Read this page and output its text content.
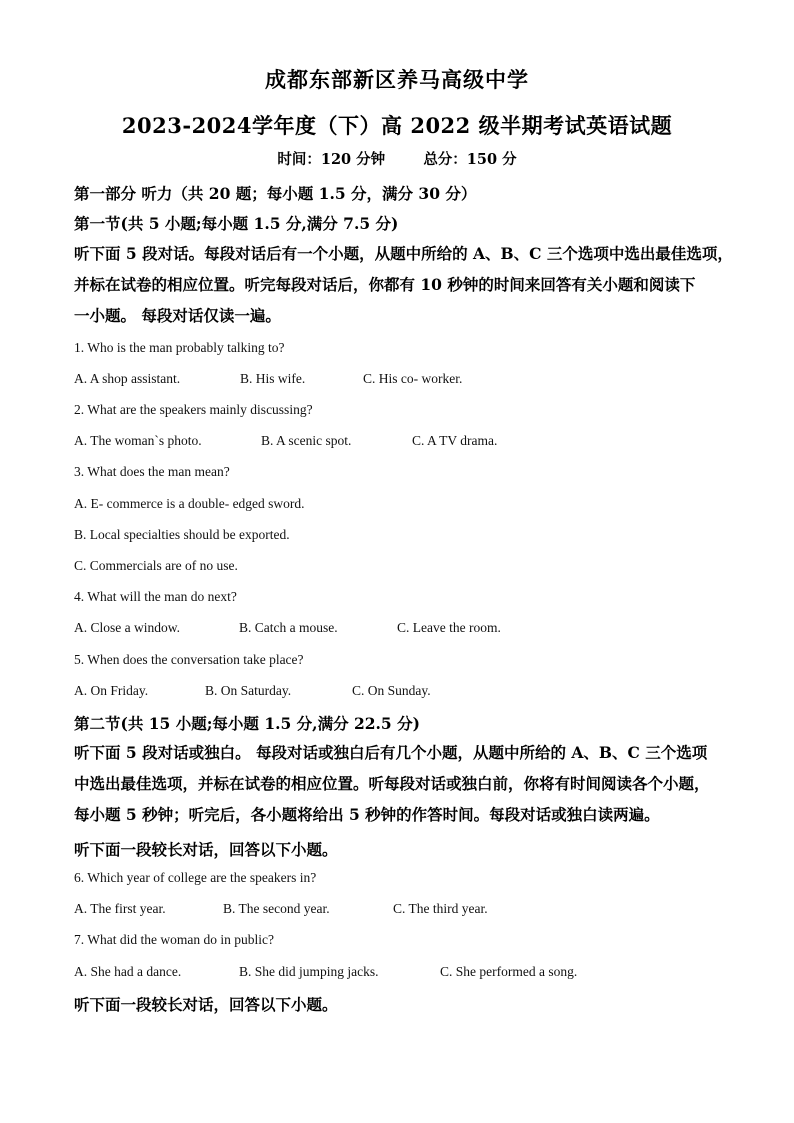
成都东部新区养马高级中学
2023-2024学年度（下）高 2022 级半期考试英语试题
时间：120 分钟	总分：150 分
第一部分 听力（共 20 题；每小题 1.5 分，满分 30 分）
第一节(共 5 小题;每小题 1.5 分,满分 7.5 分)
听下面 5 段对话。每段对话后有一个小题，从题中所给的 A、B、C 三个选项中选出最佳选项，
并标在试卷的相应位置。听完每段对话后，你都有 10 秒钟的时间来回答有关小题和阅读下
一小题。 每段对话仅读一遍。
1. Who is the man probably talking to?
A. A shop assistant.	B. His wife.	C. His co- worker.
2. What are the speakers mainly discussing?
A. The woman`s photo.	B. A scenic spot.	C. A TV drama.
3. What does the man mean?
A. E- commerce is a double- edged sword.
B. Local specialties should be exported.
C. Commercials are of no use.
4. What will the man do next?
A. Close a window.	B. Catch a mouse.	C. Leave the room.
5. When does the conversation take place?
A. On Friday.	B. On Saturday.	C. On Sunday.
第二节(共 15 小题;每小题 1.5 分,满分 22.5 分)
听下面 5 段对话或独白。 每段对话或独白后有几个小题，从题中所给的 A、B、C 三个选项
中选出最佳选项，并标在试卷的相应位置。听每段对话或独白前，你将有时间阅读各个小题，
每小题 5 秒钟；听完后，各小题将给出 5 秒钟的作答时间。每段对话或独白读两遍。
听下面一段较长对话，回答以下小题。
6. Which year of college are the speakers in?
A. The first year.	B. The second year.	C. The third year.
7. What did the woman do in public?
A. She had a dance.	B. She did jumping jacks.	C. She performed a song.
听下面一段较长对话，回答以下小题。
